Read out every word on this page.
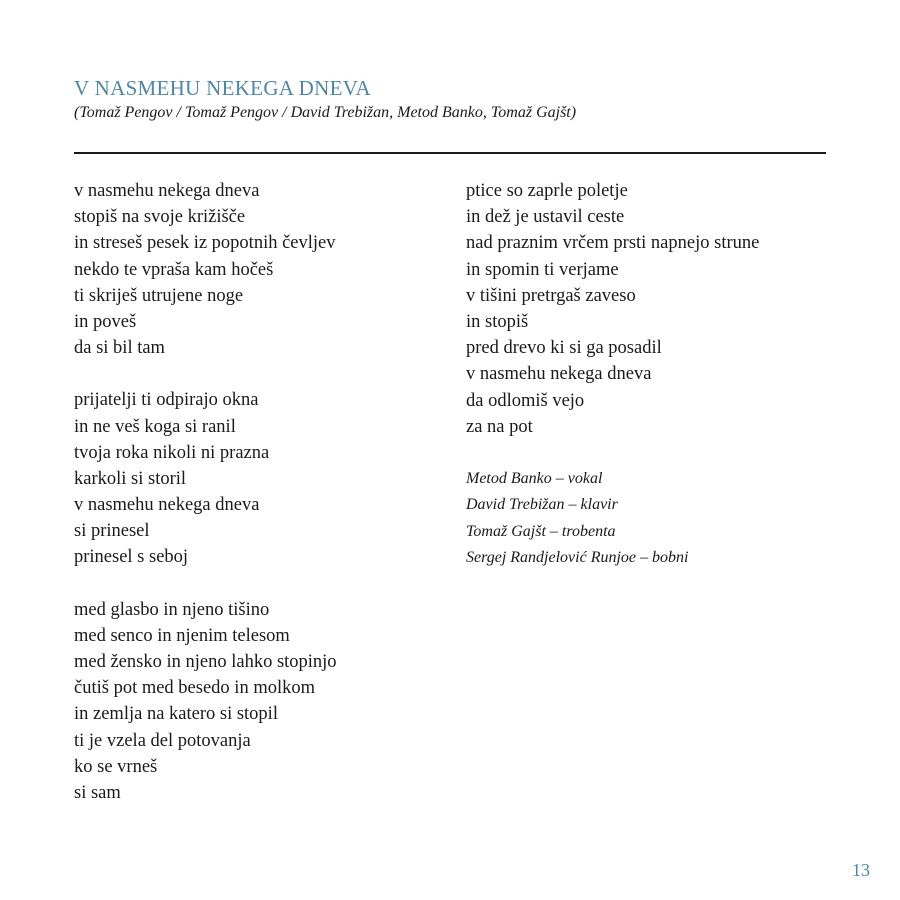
V NASMEHU NEKEGA DNEVA
(Tomaž Pengov / Tomaž Pengov / David Trebižan, Metod Banko, Tomaž Gajšt)
v nasmehu nekega dneva
stopiš na svoje križišče
in streseš pesek iz popotnih čevljev
nekdo te vpraša kam hočeš
ti skriješ utrujene noge
in poveš
da si bil tam
prijatelji ti odpirajo okna
in ne veš koga si ranil
tvoja roka nikoli ni prazna
karkoli si storil
v nasmehu nekega dneva
si prinesel
prinesel s seboj
med glasbo in njeno tišino
med senco in njenim telesom
med žensko in njeno lahko stopinjo
čutiš pot med besedo in molkom
in zemlja na katero si stopil
ti je vzela del potovanja
ko se vrneš
si sam
ptice so zaprle poletje
in dež je ustavil ceste
nad praznim vrčem prsti napnejo strune
in spomin ti verjame
v tišini pretrgaš zaveso
in stopiš
pred drevo ki si ga posadil
v nasmehu nekega dneva
da odlomiš vejo
za na pot
Metod Banko – vokal
David Trebižan – klavir
Tomaž Gajšt – trobenta
Sergej Randjelović Runjoe – bobni
13
